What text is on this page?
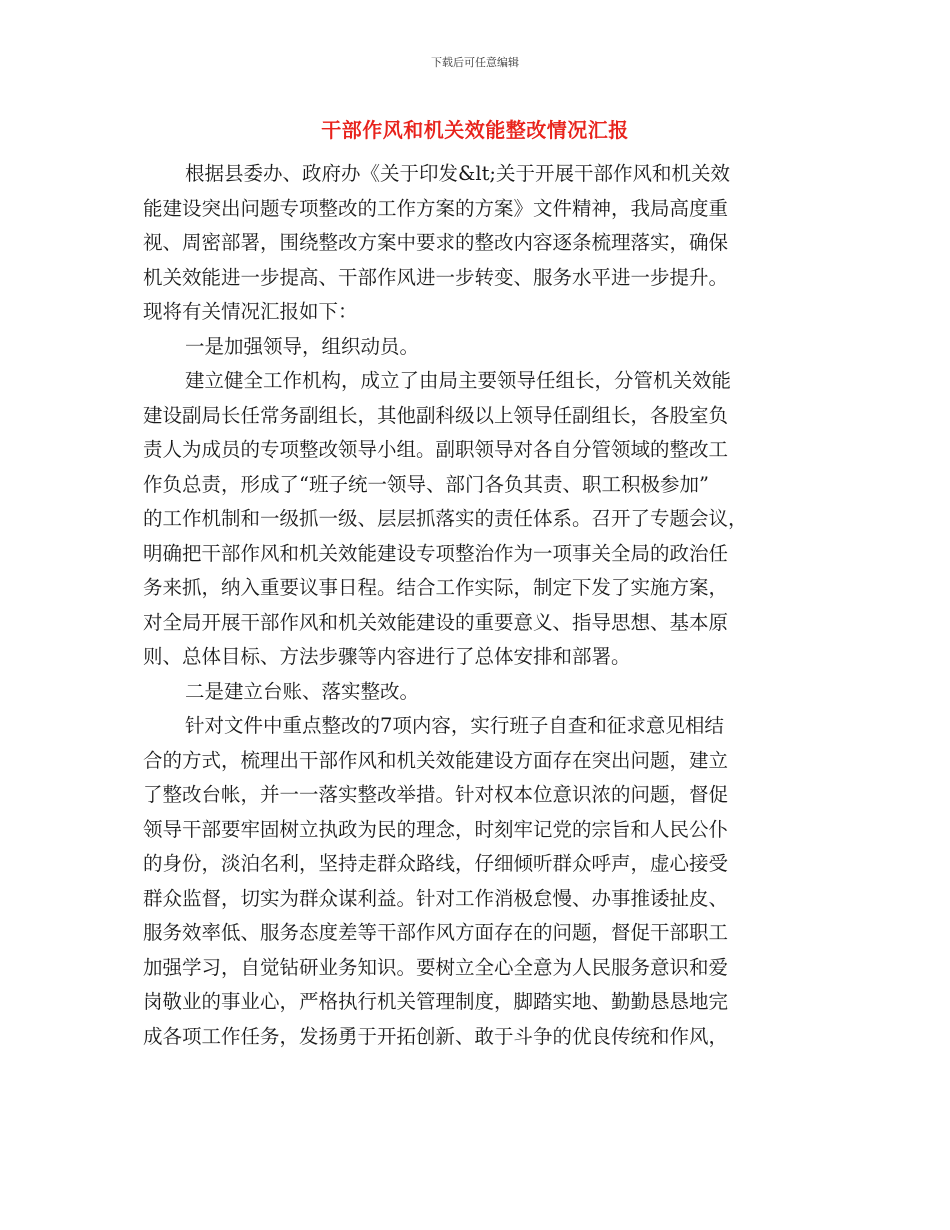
下载后可任意编辑
干部作风和机关效能整改情况汇报
根据县委办、政府办《关于印发&lt;关于开展干部作风和机关效
能建设突出问题专项整改的工作方案的方案》文件精神，我局高度重
视、周密部署，围绕整改方案中要求的整改内容逐条梳理落实，确保
机关效能进一步提高、干部作风进一步转变、服务水平进一步提升。
现将有关情况汇报如下：
一是加强领导，组织动员。
建立健全工作机构，成立了由局主要领导任组长，分管机关效能
建设副局长任常务副组长，其他副科级以上领导任副组长，各股室负
责人为成员的专项整改领导小组。副职领导对各自分管领域的整改工
作负总责，形成了“班子统一领导、部门各负其责、职工积极参加”
的工作机制和一级抓一级、层层抓落实的责任体系。召开了专题会议，
明确把干部作风和机关效能建设专项整治作为一项事关全局的政治任
务来抓，纳入重要议事日程。结合工作实际，制定下发了实施方案，
对全局开展干部作风和机关效能建设的重要意义、指导思想、基本原
则、总体目标、方法步骤等内容进行了总体安排和部署。
二是建立台账、落实整改。
针对文件中重点整改的7项内容，实行班子自查和征求意见相结
合的方式，梳理出干部作风和机关效能建设方面存在突出问题，建立
了整改台帐，并一一落实整改举措。针对权本位意识浓的问题，督促
领导干部要牢固树立执政为民的理念，时刻牢记党的宗旨和人民公仆
的身份，淡泊名利，坚持走群众路线，仔细倾听群众呼声，虚心接受
群众监督，切实为群众谋利益。针对工作消极怠慢、办事推诿扯皮、
服务效率低、服务态度差等干部作风方面存在的问题，督促干部职工
加强学习，自觉钻研业务知识。要树立全心全意为人民服务意识和爱
岗敬业的事业心，严格执行机关管理制度，脚踏实地、勤勤恳恳地完
成各项工作任务，发扬勇于开拓创新、敢于斗争的优良传统和作风，
